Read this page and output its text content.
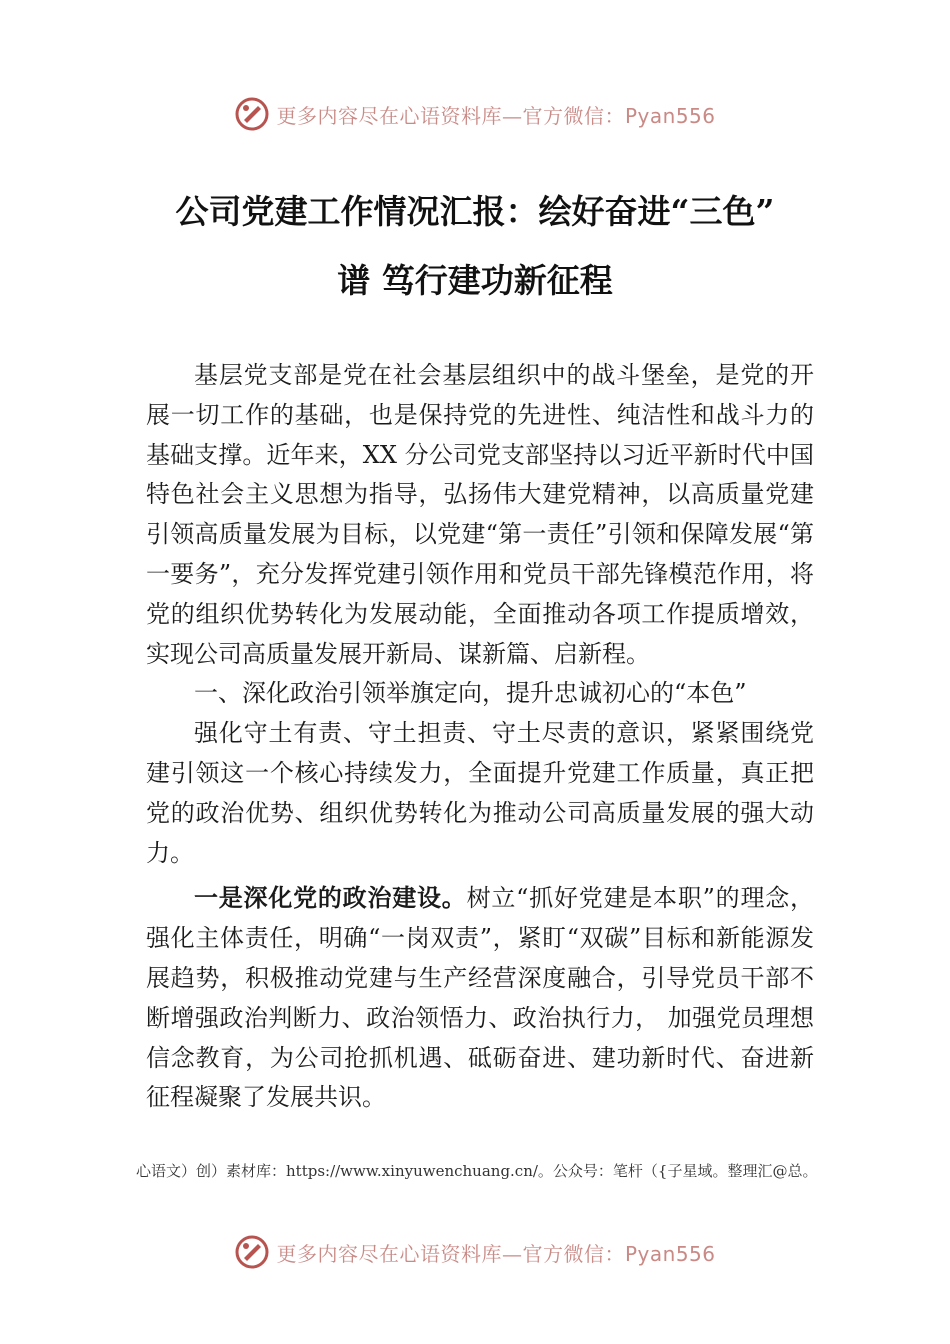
更多内容尽在心语资料库—官方微信：Pyan556
公司党建工作情况汇报：绘好奋进“三色”
谱 笃行建功新征程

基层党支部是党在社会基层组织中的战斗堡垒，是党的开展一切工作的基础，也是保持党的先进性、纯洁性和战斗力的基础支撑。近年来，XX 分公司党支部坚持以习近平新时代中国特色社会主义思想为指导，弘扬伟大建党精神，以高质量党建引领高质量发展为目标，以党建“第一责任”引领和保障发展“第一要务”，充分发挥党建引领作用和党员干部先锋模范作用，将党的组织优势转化为发展动能，全面推动各项工作提质增效，实现公司高质量发展开新局、谋新篇、启新程。

一、深化政治引领举旗定向，提升忠诚初心的“本色”

强化守土有责、守土担责、守土尽责的意识，紧紧围绕党建引领这一个核心持续发力，全面提升党建工作质量，真正把党的政治优势、组织优势转化为推动公司高质量发展的强大动力。

一是深化党的政治建设。树立“抓好党建是本职”的理念，强化主体责任，明确“一岗双责”，紧盯“双碳”目标和新能源发展趋势，积极推动党建与生产经营深度融合，引导党员干部不断增强政治判断力、政治领悟力、政治执行力， 加强党员理想信念教育，为公司抢抓机遇、砥砺奋进、建功新时代、奋进新征程凝聚了发展共识。

心语文）创）素材库：https://www.xinyuwenchuang.cn/。公众号：笔杆（{子星域。整理汇@总。
更多内容尽在心语资料库—官方微信：Pyan556
